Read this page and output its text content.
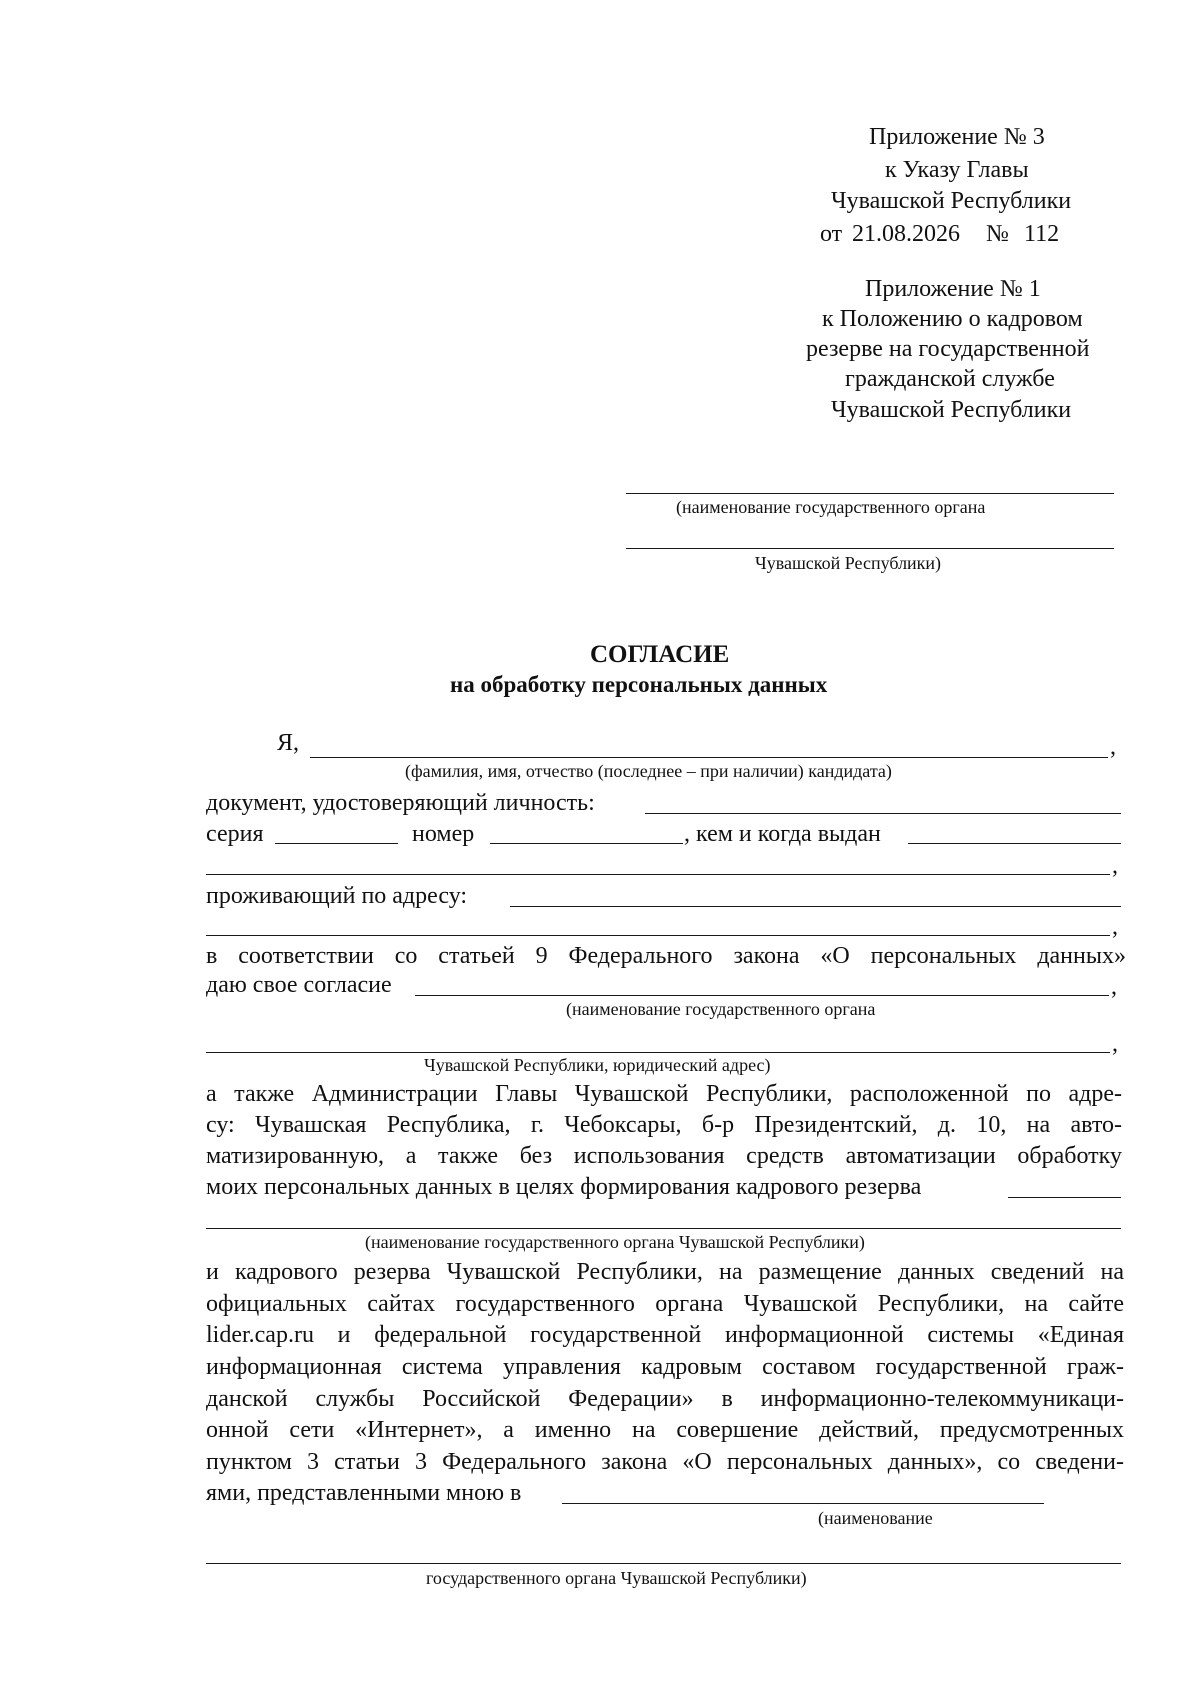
Приложение № 3
к Указу Главы
Чувашской Республики
от 21.08.2026 № 112
Приложение № 1
к Положению о кадровом
резерве на государственной
гражданской службе
Чувашской Республики
(наименование государственного органа
Чувашской Республики)
СОГЛАСИЕ
на обработку персональных данных
Я,	,
(фамилия, имя, отчество (последнее – при наличии) кандидата)
документ, удостоверяющий личность:
серия	номер	, кем и когда выдан
,
проживающий по адресу:
,
в соответствии со статьей 9 Федерального закона «О персональных данных»
даю свое согласие	,
(наименование государственного органа
,
Чувашской Республики, юридический адрес)
а также Администрации Главы Чувашской Республики, расположенной по адре-
су: Чувашская Республика, г. Чебоксары, б-р Президентский, д. 10, на авто-
матизированную, а также без использования средств автоматизации обработку
моих персональных данных в целях формирования кадрового резерва
(наименование государственного органа Чувашской Республики)
и кадрового резерва Чувашской Республики, на размещение данных сведений на
официальных сайтах государственного органа Чувашской Республики, на сайте
lider.cap.ru и федеральной государственной информационной системы «Единая
информационная система управления кадровым составом государственной граж-
данской службы Российской Федерации» в информационно-телекоммуникаци-
онной сети «Интернет», а именно на совершение действий, предусмотренных
пунктом 3 статьи 3 Федерального закона «О персональных данных», со сведени-
ями, представленными мною в
(наименование
государственного органа Чувашской Республики)
